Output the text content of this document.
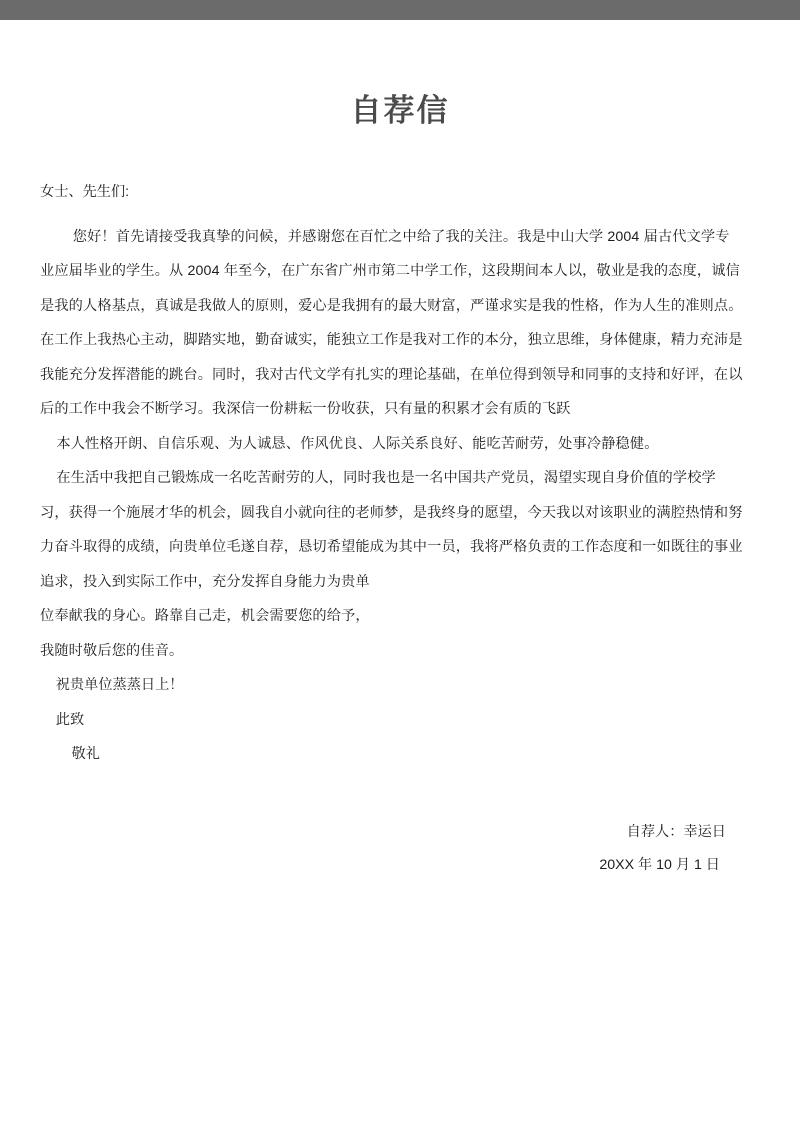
自荐信

女士、先生们:

您好！首先请接受我真挚的问候，并感谢您在百忙之中给了我的关注。我是中山大学 2004 届古代文学专

业应届毕业的学生。从 2004 年至今，在广东省广州市第二中学工作，这段期间本人以，敬业是我的态度，诚信

是我的人格基点，真诚是我做人的原则，爱心是我拥有的最大财富，严谨求实是我的性格，作为人生的准则点。

在工作上我热心主动，脚踏实地，勤奋诚实，能独立工作是我对工作的本分，独立思维，身体健康，精力充沛是

我能充分发挥潜能的跳台。同时，我对古代文学有扎实的理论基础，在单位得到领导和同事的支持和好评，在以

后的工作中我会不断学习。我深信一份耕耘一份收获，只有量的积累才会有质的飞跃

本人性格开朗、自信乐观、为人诚恳、作风优良、人际关系良好、能吃苦耐劳，处事冷静稳健。

在生活中我把自己锻炼成一名吃苦耐劳的人，同时我也是一名中国共产党员，渴望实现自身价值的学校学

习，获得一个施展才华的机会，圆我自小就向往的老师梦，是我终身的愿望，今天我以对该职业的满腔热情和努

力奋斗取得的成绩，向贵单位毛遂自荐，恳切希望能成为其中一员，我将严格负责的工作态度和一如既往的事业

追求，投入到实际工作中，充分发挥自身能力为贵单

位奉献我的身心。路靠自己走，机会需要您的给予，

我随时敬后您的佳音。

祝贵单位蒸蒸日上！

此致

敬礼

自荐人：幸运日

20XX 年 10 月 1 日
